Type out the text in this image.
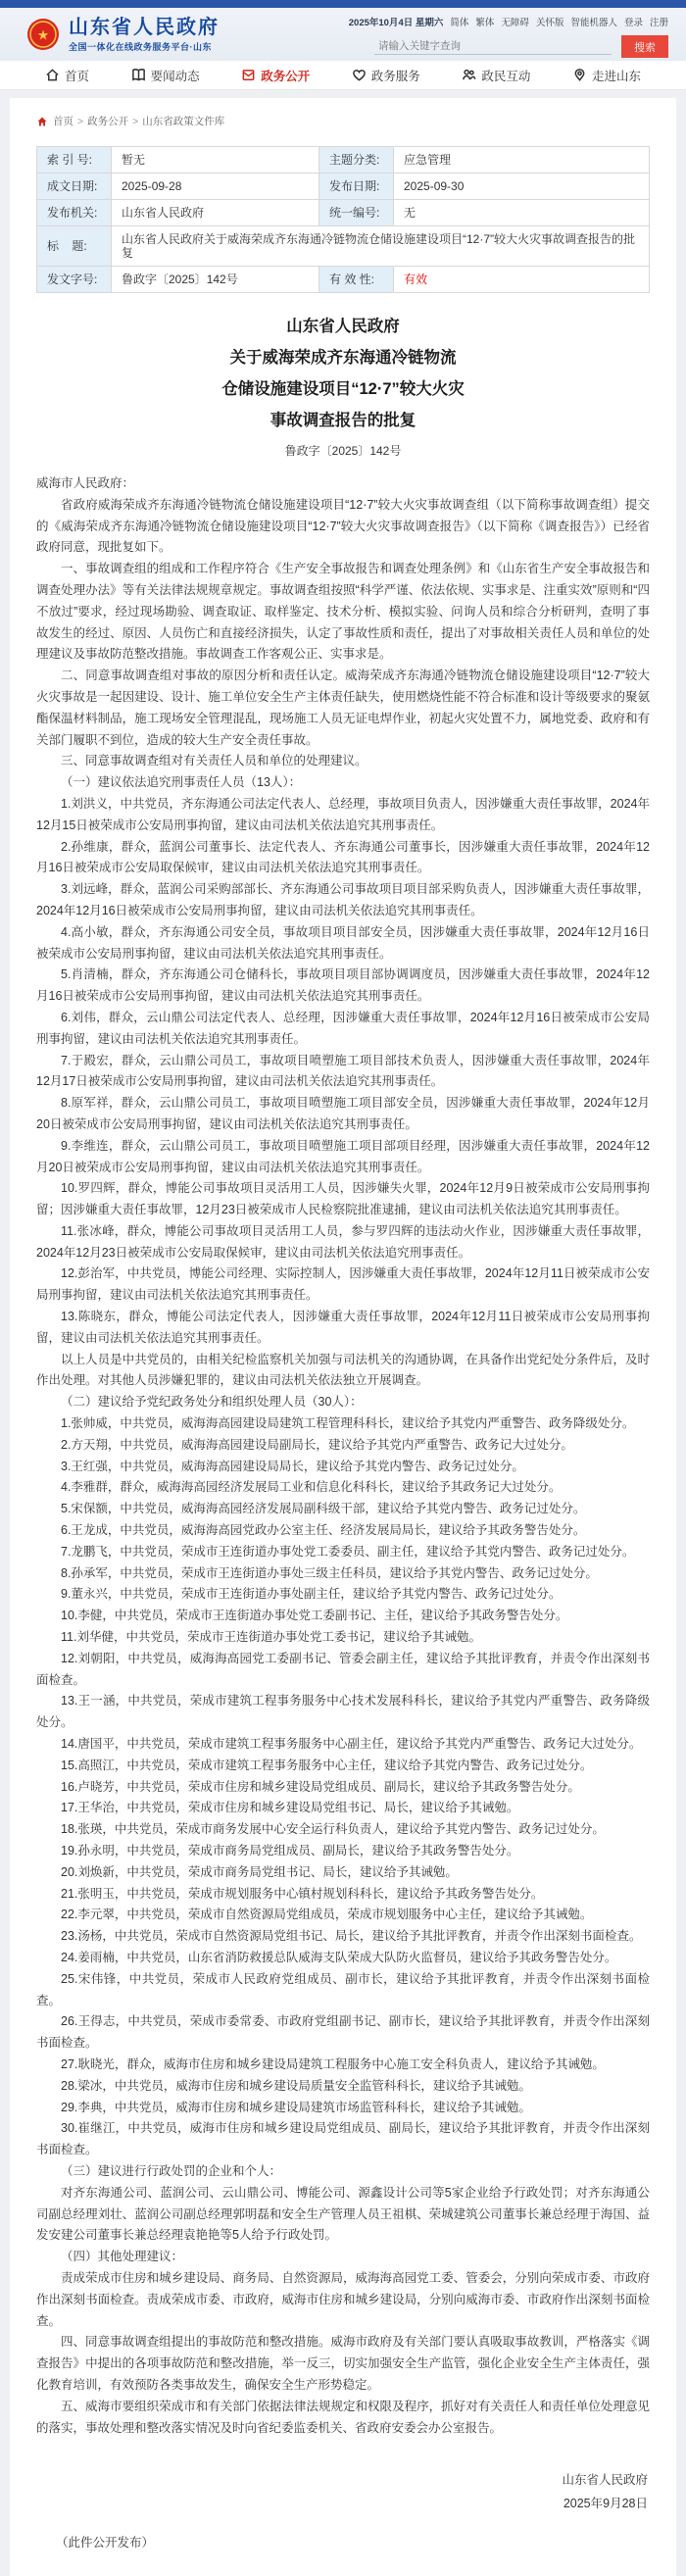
★ 山东省人民政府
全国一体化在线政务服务平台·山东
2025年10月4日 星期六 简体 繁体 无障碍 关怀版 智能机器人 登录 注册
请输入关键字查询
搜索
首页	要闻动态	政务公开	政务服务	政民互动	走进山东
首页 > 政务公开 > 山东省政策文件库
索 引 号:	暂无	主题分类:	应急管理
成文日期:	2025-09-28	发布日期:	2025-09-30
发布机关:	山东省人民政府	统一编号:	无
标    题:	山东省人民政府关于威海荣成齐东海通冷链物流仓储设施建设项目“12·7”较大火灾事故调查报告的批复		
发文字号:	鲁政字〔2025〕142号	有 效 性:	有效
山东省人民政府
关于威海荣成齐东海通冷链物流
仓储设施建设项目“12·7”较大火灾
事故调查报告的批复
鲁政字〔2025〕142号

威海市人民政府：

省政府威海荣成齐东海通冷链物流仓储设施建设项目“12·7”较大火灾事故调查组（以下简称事故调查组）提交的《威海荣成齐东海通冷链物流仓储设施建设项目“12·7”较大火灾事故调查报告》（以下简称《调查报告》）已经省政府同意，现批复如下。

一、事故调查组的组成和工作程序符合《生产安全事故报告和调查处理条例》和《山东省生产安全事故报告和调查处理办法》等有关法律法规规章规定。事故调查组按照“科学严谨、依法依规、实事求是、注重实效”原则和“四不放过”要求，经过现场勘验、调查取证、取样鉴定、技术分析、模拟实验、问询人员和综合分析研判，查明了事故发生的经过、原因、人员伤亡和直接经济损失，认定了事故性质和责任，提出了对事故相关责任人员和单位的处理建议及事故防范整改措施。事故调查工作客观公正、实事求是。

二、同意事故调查组对事故的原因分析和责任认定。威海荣成齐东海通冷链物流仓储设施建设项目“12·7”较大火灾事故是一起因建设、设计、施工单位安全生产主体责任缺失，使用燃烧性能不符合标准和设计等级要求的聚氨酯保温材料制品，施工现场安全管理混乱，现场施工人员无证电焊作业，初起火灾处置不力，属地党委、政府和有关部门履职不到位，造成的较大生产安全责任事故。

三、同意事故调查组对有关责任人员和单位的处理建议。

（一）建议依法追究刑事责任人员（13人）：

1.刘洪义，中共党员，齐东海通公司法定代表人、总经理，事故项目负责人，因涉嫌重大责任事故罪，2024年12月15日被荣成市公安局刑事拘留，建议由司法机关依法追究其刑事责任。

2.孙维康，群众，蓝润公司董事长、法定代表人、齐东海通公司董事长，因涉嫌重大责任事故罪，2024年12月16日被荣成市公安局取保候审，建议由司法机关依法追究其刑事责任。

3.刘远峰，群众，蓝润公司采购部部长、齐东海通公司事故项目项目部采购负责人，因涉嫌重大责任事故罪，2024年12月16日被荣成市公安局刑事拘留，建议由司法机关依法追究其刑事责任。

4.高小敏，群众，齐东海通公司安全员，事故项目项目部安全员，因涉嫌重大责任事故罪，2024年12月16日被荣成市公安局刑事拘留，建议由司法机关依法追究其刑事责任。

5.肖清楠，群众，齐东海通公司仓储科长，事故项目项目部协调调度员，因涉嫌重大责任事故罪，2024年12月16日被荣成市公安局刑事拘留，建议由司法机关依法追究其刑事责任。

6.刘伟，群众，云山鼎公司法定代表人、总经理，因涉嫌重大责任事故罪，2024年12月16日被荣成市公安局刑事拘留，建议由司法机关依法追究其刑事责任。

7.于殿宏，群众，云山鼎公司员工，事故项目喷塑施工项目部技术负责人，因涉嫌重大责任事故罪，2024年12月17日被荣成市公安局刑事拘留，建议由司法机关依法追究其刑事责任。

8.原军祥，群众，云山鼎公司员工，事故项目喷塑施工项目部安全员，因涉嫌重大责任事故罪，2024年12月20日被荣成市公安局刑事拘留，建议由司法机关依法追究其刑事责任。

9.李维连，群众，云山鼎公司员工，事故项目喷塑施工项目部项目经理，因涉嫌重大责任事故罪，2024年12月20日被荣成市公安局刑事拘留，建议由司法机关依法追究其刑事责任。

10.罗四辉，群众，博能公司事故项目灵活用工人员，因涉嫌失火罪，2024年12月9日被荣成市公安局刑事拘留；因涉嫌重大责任事故罪，12月23日被荣成市人民检察院批准逮捕，建议由司法机关依法追究其刑事责任。

11.张冰峰，群众，博能公司事故项目灵活用工人员，参与罗四辉的违法动火作业，因涉嫌重大责任事故罪，2024年12月23日被荣成市公安局取保候审，建议由司法机关依法追究刑事责任。

12.彭治军，中共党员，博能公司经理、实际控制人，因涉嫌重大责任事故罪，2024年12月11日被荣成市公安局刑事拘留，建议由司法机关依法追究其刑事责任。

13.陈晓东，群众，博能公司法定代表人，因涉嫌重大责任事故罪，2024年12月11日被荣成市公安局刑事拘留，建议由司法机关依法追究其刑事责任。

以上人员是中共党员的，由相关纪检监察机关加强与司法机关的沟通协调，在具备作出党纪处分条件后，及时作出处理。对其他人员涉嫌犯罪的，建议由司法机关依法独立开展调查。

（二）建议给予党纪政务处分和组织处理人员（30人）：

1.张帅威，中共党员，威海海高园建设局建筑工程管理科科长，建议给予其党内严重警告、政务降级处分。

2.方天翔，中共党员，威海海高园建设局副局长，建议给予其党内严重警告、政务记大过处分。

3.王红强，中共党员，威海海高园建设局局长，建议给予其党内警告、政务记过处分。

4.李雅群，群众，威海海高园经济发展局工业和信息化科科长，建议给予其政务记大过处分。

5.宋保额，中共党员，威海海高园经济发展局副科级干部，建议给予其党内警告、政务记过处分。

6.王龙成，中共党员，威海海高园党政办公室主任、经济发展局局长，建议给予其政务警告处分。

7.龙鹏飞，中共党员，荣成市王连街道办事处党工委委员、副主任，建议给予其党内警告、政务记过处分。

8.孙承军，中共党员，荣成市王连街道办事处三级主任科员，建议给予其党内警告、政务记过处分。

9.董永兴，中共党员，荣成市王连街道办事处副主任，建议给予其党内警告、政务记过处分。

10.李健，中共党员，荣成市王连街道办事处党工委副书记、主任，建议给予其政务警告处分。

11.刘华健，中共党员，荣成市王连街道办事处党工委书记，建议给予其诫勉。

12.刘朝阳，中共党员，威海海高园党工委副书记、管委会副主任，建议给予其批评教育，并责令作出深刻书面检查。

13.王一涵，中共党员，荣成市建筑工程事务服务中心技术发展科科长，建议给予其党内严重警告、政务降级处分。

14.唐国平，中共党员，荣成市建筑工程事务服务中心副主任，建议给予其党内严重警告、政务记大过处分。

15.高照江，中共党员，荣成市建筑工程事务服务中心主任，建议给予其党内警告、政务记过处分。

16.卢晓芳，中共党员，荣成市住房和城乡建设局党组成员、副局长，建议给予其政务警告处分。

17.王华治，中共党员，荣成市住房和城乡建设局党组书记、局长，建议给予其诫勉。

18.张瑛，中共党员，荣成市商务发展中心安全运行科负责人，建议给予其党内警告、政务记过处分。

19.孙永明，中共党员，荣成市商务局党组成员、副局长，建议给予其政务警告处分。

20.刘焕新，中共党员，荣成市商务局党组书记、局长，建议给予其诫勉。

21.张明玉，中共党员，荣成市规划服务中心镇村规划科科长，建议给予其政务警告处分。

22.李元翠，中共党员，荣成市自然资源局党组成员，荣成市规划服务中心主任，建议给予其诫勉。

23.汤杨，中共党员，荣成市自然资源局党组书记、局长，建议给予其批评教育，并责令作出深刻书面检查。

24.姜雨楠，中共党员，山东省消防救援总队威海支队荣成大队防火监督员，建议给予其政务警告处分。

25.宋伟锋，中共党员，荣成市人民政府党组成员、副市长，建议给予其批评教育，并责令作出深刻书面检查。

26.王得志，中共党员，荣成市委常委、市政府党组副书记、副市长，建议给予其批评教育，并责令作出深刻书面检查。

27.耿晓光，群众，威海市住房和城乡建设局建筑工程服务中心施工安全科负责人，建议给予其诫勉。

28.梁冰，中共党员，威海市住房和城乡建设局质量安全监管科科长，建议给予其诫勉。

29.李典，中共党员，威海市住房和城乡建设局建筑市场监管科科长，建议给予其诫勉。

30.崔继江，中共党员，威海市住房和城乡建设局党组成员、副局长，建议给予其批评教育，并责令作出深刻书面检查。

（三）建议进行行政处罚的企业和个人：

对齐东海通公司、蓝润公司、云山鼎公司、博能公司、源鑫设计公司等5家企业给予行政处罚；对齐东海通公司副总经理刘壮、蓝润公司副总经理郭明磊和安全生产管理人员王祖棋、荣城建筑公司董事长兼总经理于海国、益发安建公司董事长兼总经理袁艳艳等5人给予行政处罚。

（四）其他处理建议：

责成荣成市住房和城乡建设局、商务局、自然资源局，威海海高园党工委、管委会，分别向荣成市委、市政府作出深刻书面检查。责成荣成市委、市政府，威海市住房和城乡建设局，分别向威海市委、市政府作出深刻书面检查。

四、同意事故调查组提出的事故防范和整改措施。威海市政府及有关部门要认真吸取事故教训，严格落实《调查报告》中提出的各项事故防范和整改措施，举一反三，切实加强安全生产监管，强化企业安全生产主体责任，强化教育培训，有效预防各类事故发生，确保安全生产形势稳定。

五、威海市要组织荣成市和有关部门依据法律法规规定和权限及程序，抓好对有关责任人和责任单位处理意见的落实，事故处理和整改落实情况及时向省纪委监委机关、省政府安委会办公室报告。

山东省人民政府
2025年9月28日
（此件公开发布）
